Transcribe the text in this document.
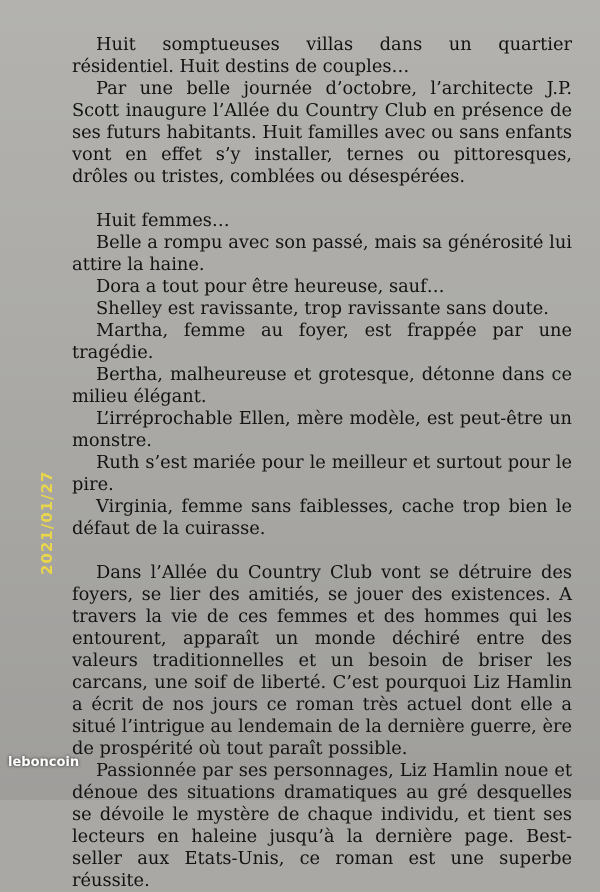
Huit somptueuses villas dans un quartier résidentiel. Huit destins de couples…

Par une belle journée d’octobre, l’architecte J.P. Scott inaugure l’Allée du Country Club en présence de ses futurs habitants. Huit familles avec ou sans enfants vont en effet s’y installer, ternes ou pittoresques, drôles ou tristes, comblées ou désespérées.

Huit femmes…

Belle a rompu avec son passé, mais sa générosité lui attire la haine.

Dora a tout pour être heureuse, sauf…

Shelley est ravissante, trop ravissante sans doute.

Martha, femme au foyer, est frappée par une tragédie.

Bertha, malheureuse et grotesque, détonne dans ce milieu élégant.

L’irréprochable Ellen, mère modèle, est peut-être un monstre.

Ruth s’est mariée pour le meilleur et surtout pour le pire.

Virginia, femme sans faiblesses, cache trop bien le défaut de la cuirasse.

Dans l’Allée du Country Club vont se détruire des foyers, se lier des amitiés, se jouer des existences. A travers la vie de ces femmes et des hommes qui les entourent, apparaît un monde déchiré entre des valeurs traditionnelles et un besoin de briser les carcans, une soif de liberté. C’est pourquoi Liz Hamlin a écrit de nos jours ce roman très actuel dont elle a situé l’intrigue au lendemain de la dernière guerre, ère de prospérité où tout paraît possible.

Passionnée par ses personnages, Liz Hamlin noue et dénoue des situations dramatiques au gré desquelles se dévoile le mystère de chaque individu, et tient ses lecteurs en haleine jusqu’à la dernière page. Best-seller aux Etats-Unis, ce roman est une superbe réussite.

2021/01/27
leboncoin
